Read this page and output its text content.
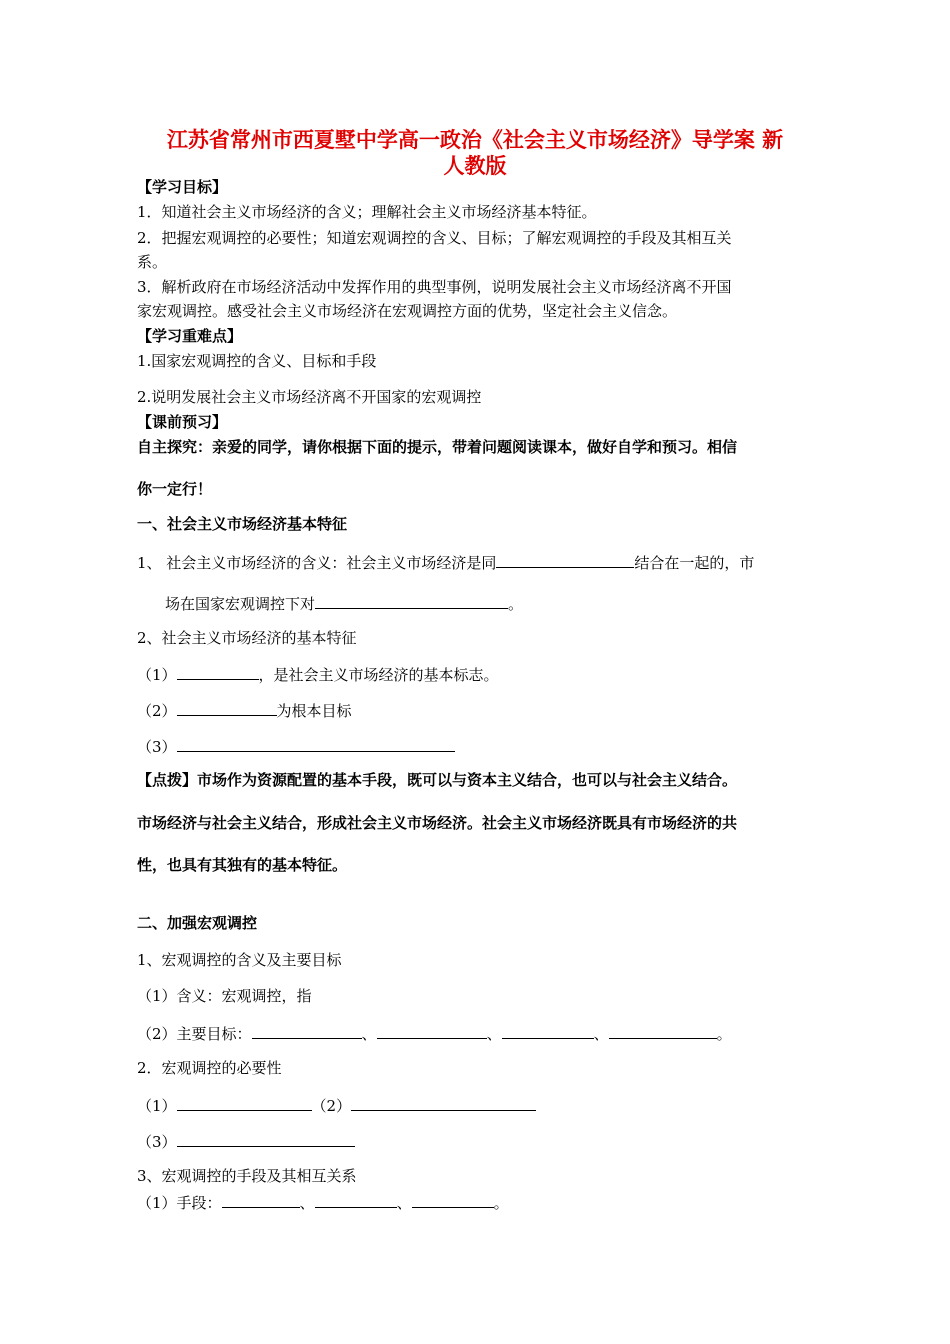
江苏省常州市西夏墅中学高一政治《社会主义市场经济》导学案 新
人教版
【学习目标】
1．知道社会主义市场经济的含义；理解社会主义市场经济基本特征。
2．把握宏观调控的必要性；知道宏观调控的含义、目标；了解宏观调控的手段及其相互关
系。
3．解析政府在市场经济活动中发挥作用的典型事例，说明发展社会主义市场经济离不开国
家宏观调控。感受社会主义市场经济在宏观调控方面的优势，坚定社会主义信念。
【学习重难点】
1.国家宏观调控的含义、目标和手段
2.说明发展社会主义市场经济离不开国家的宏观调控
【课前预习】
自主探究：亲爱的同学，请你根据下面的提示，带着问题阅读课本，做好自学和预习。相信
你一定行！
一、社会主义市场经济基本特征
1、 社会主义市场经济的含义：社会主义市场经济是同	结合在一起的，市
场在国家宏观调控下对	。
2、社会主义市场经济的基本特征
（1）	，是社会主义市场经济的基本标志。
（2）	为根本目标
（3）
【点拨】市场作为资源配置的基本手段，既可以与资本主义结合，也可以与社会主义结合。
市场经济与社会主义结合，形成社会主义市场经济。社会主义市场经济既具有市场经济的共
性，也具有其独有的基本特征。
二、加强宏观调控
1、宏观调控的含义及主要目标
（1）含义：宏观调控，指
（2）主要目标：	、	、	、	。
2．宏观调控的必要性
（1）	（2）
（3）
3、宏观调控的手段及其相互关系
（1）手段：	、	、	。
